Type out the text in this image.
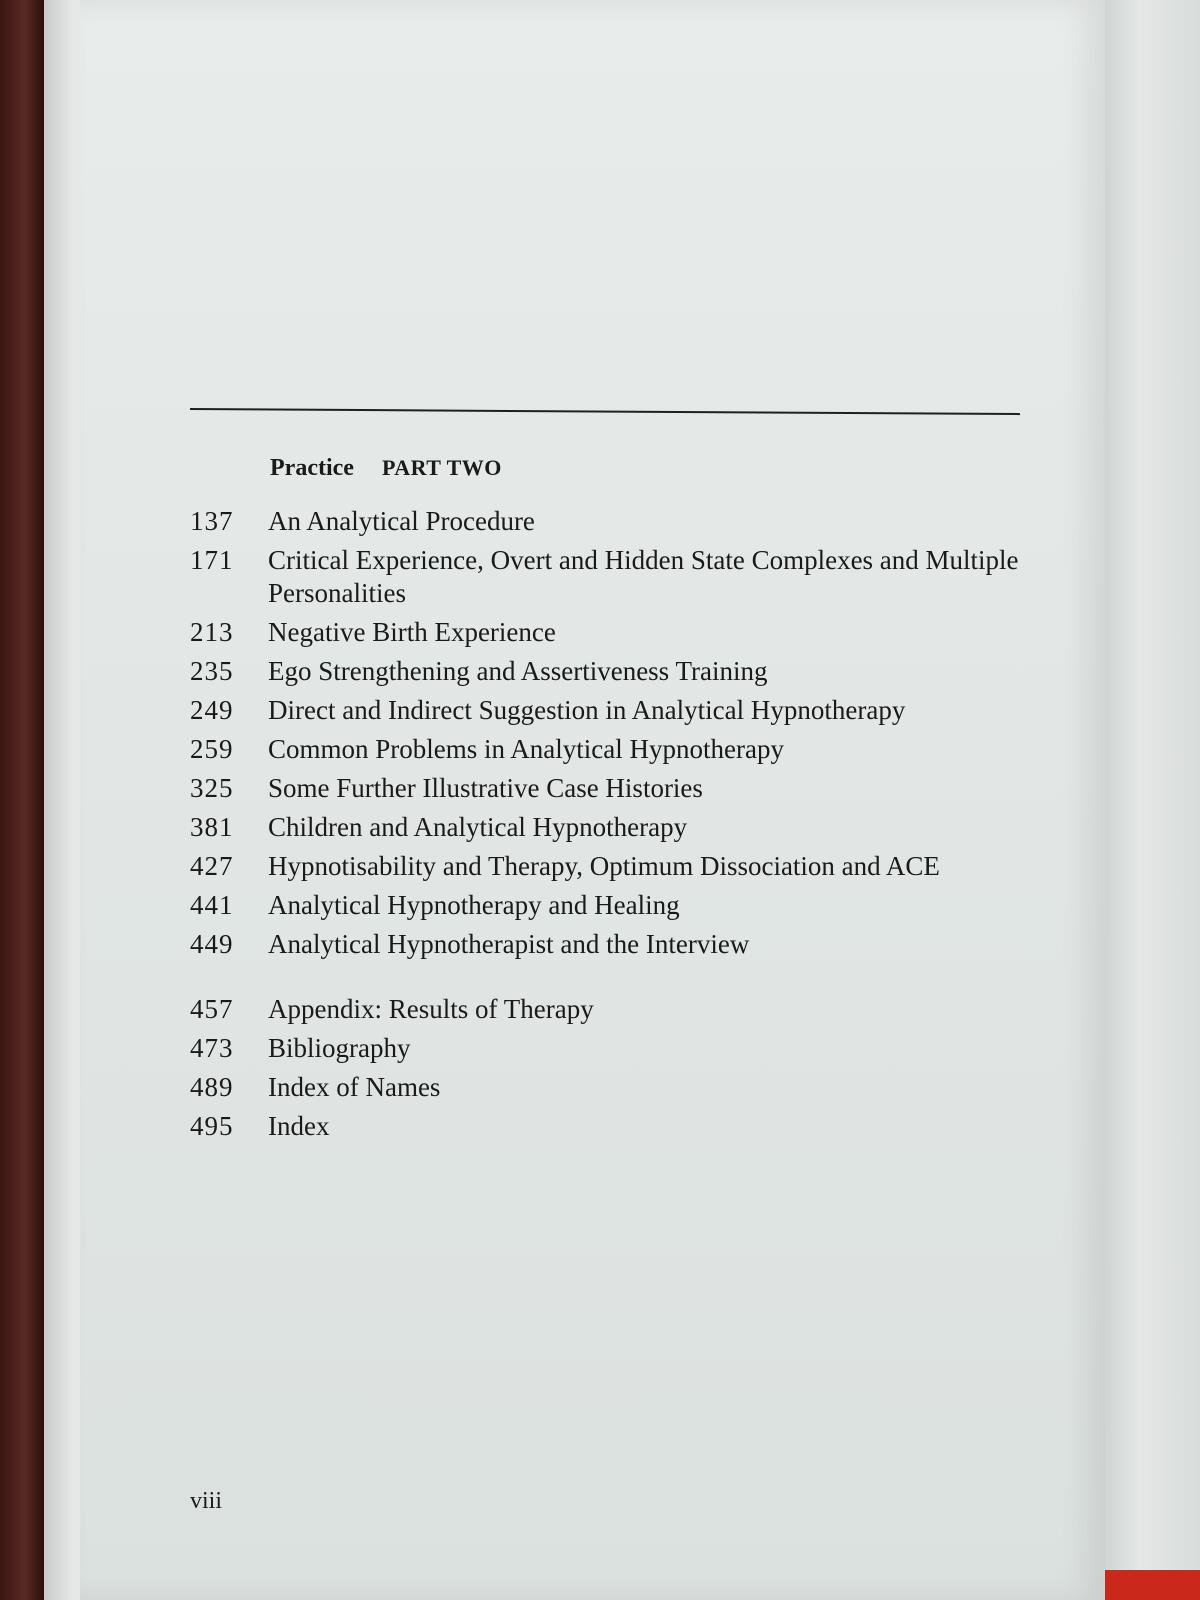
Practice PART TWO
137	An Analytical Procedure
171	Critical Experience, Overt and Hidden State Complexes and Multiple Personalities
213	Negative Birth Experience
235	Ego Strengthening and Assertiveness Training
249	Direct and Indirect Suggestion in Analytical Hypnotherapy
259	Common Problems in Analytical Hypnotherapy
325	Some Further Illustrative Case Histories
381	Children and Analytical Hypnotherapy
427	Hypnotisability and Therapy, Optimum Dissociation and ACE
441	Analytical Hypnotherapy and Healing
449	Analytical Hypnotherapist and the Interview
457	Appendix: Results of Therapy
473	Bibliography
489	Index of Names
495	Index
viii
